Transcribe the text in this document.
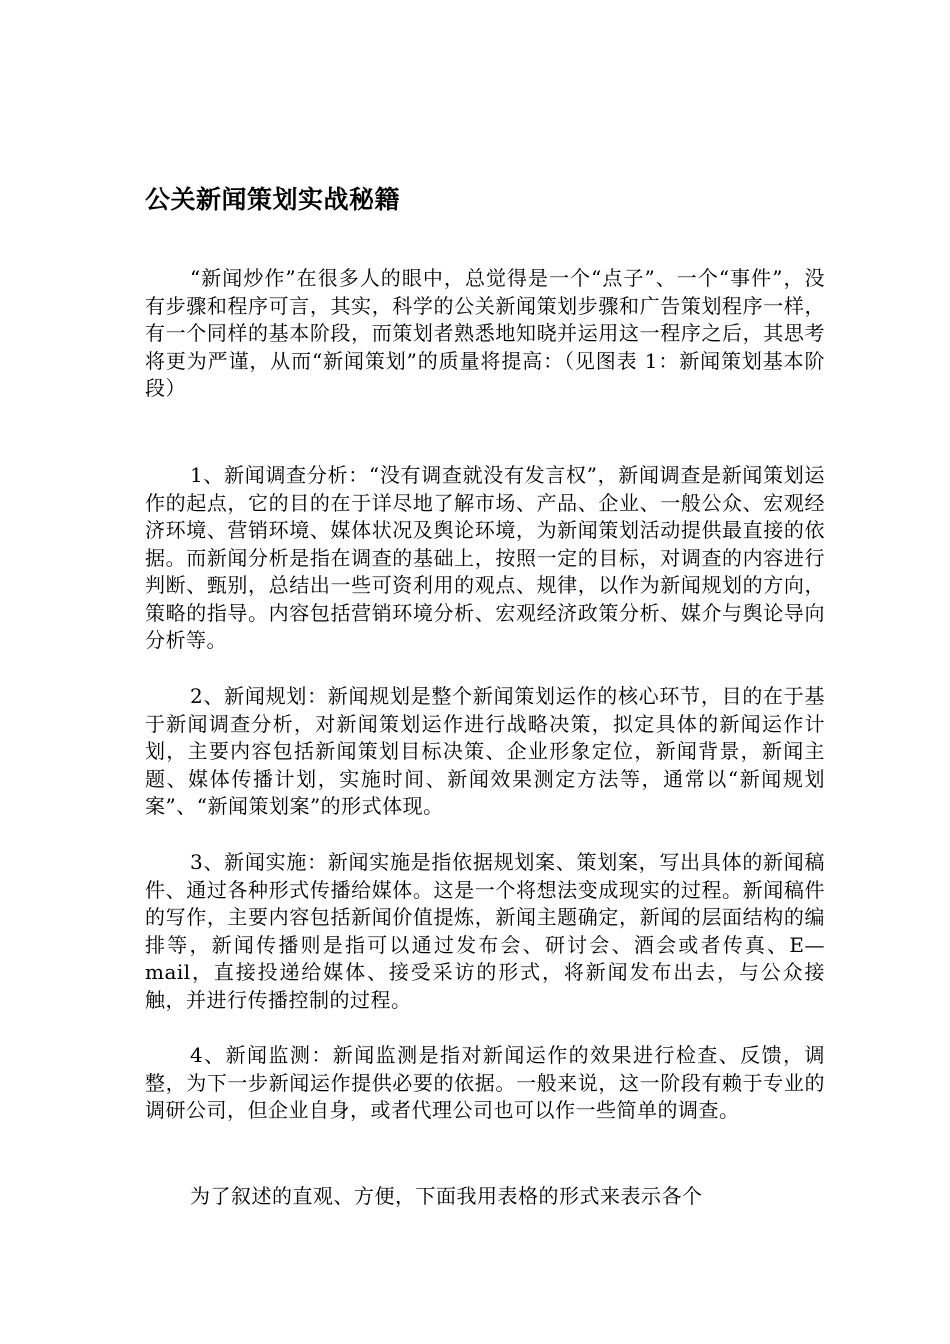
公关新闻策划实战秘籍

“新闻炒作”在很多人的眼中，总觉得是一个“点子”、一个“事件”，没有步骤和程序可言，其实，科学的公关新闻策划步骤和广告策划程序一样，有一个同样的基本阶段，而策划者熟悉地知晓并运用这一程序之后，其思考将更为严谨，从而“新闻策划”的质量将提高：（见图表 1：新闻策划基本阶段）

1、新闻调查分析：“没有调查就没有发言权”，新闻调查是新闻策划运作的起点，它的目的在于详尽地了解市场、产品、企业、一般公众、宏观经济环境、营销环境、媒体状况及舆论环境，为新闻策划活动提供最直接的依据。而新闻分析是指在调查的基础上，按照一定的目标，对调查的内容进行判断、甄别，总结出一些可资利用的观点、规律，以作为新闻规划的方向，策略的指导。内容包括营销环境分析、宏观经济政策分析、媒介与舆论导向分析等。

2、新闻规划：新闻规划是整个新闻策划运作的核心环节，目的在于基于新闻调查分析，对新闻策划运作进行战略决策，拟定具体的新闻运作计划，主要内容包括新闻策划目标决策、企业形象定位，新闻背景，新闻主题、媒体传播计划，实施时间、新闻效果测定方法等，通常以“新闻规划案”、“新闻策划案”的形式体现。

3、新闻实施：新闻实施是指依据规划案、策划案，写出具体的新闻稿件、通过各种形式传播给媒体。这是一个将想法变成现实的过程。新闻稿件的写作，主要内容包括新闻价值提炼，新闻主题确定，新闻的层面结构的编排等，新闻传播则是指可以通过发布会、研讨会、酒会或者传真、E—mail，直接投递给媒体、接受采访的形式，将新闻发布出去，与公众接触，并进行传播控制的过程。

4、新闻监测：新闻监测是指对新闻运作的效果进行检查、反馈，调整，为下一步新闻运作提供必要的依据。一般来说，这一阶段有赖于专业的调研公司，但企业自身，或者代理公司也可以作一些简单的调查。

为了叙述的直观、方便，下面我用表格的形式来表示各个
